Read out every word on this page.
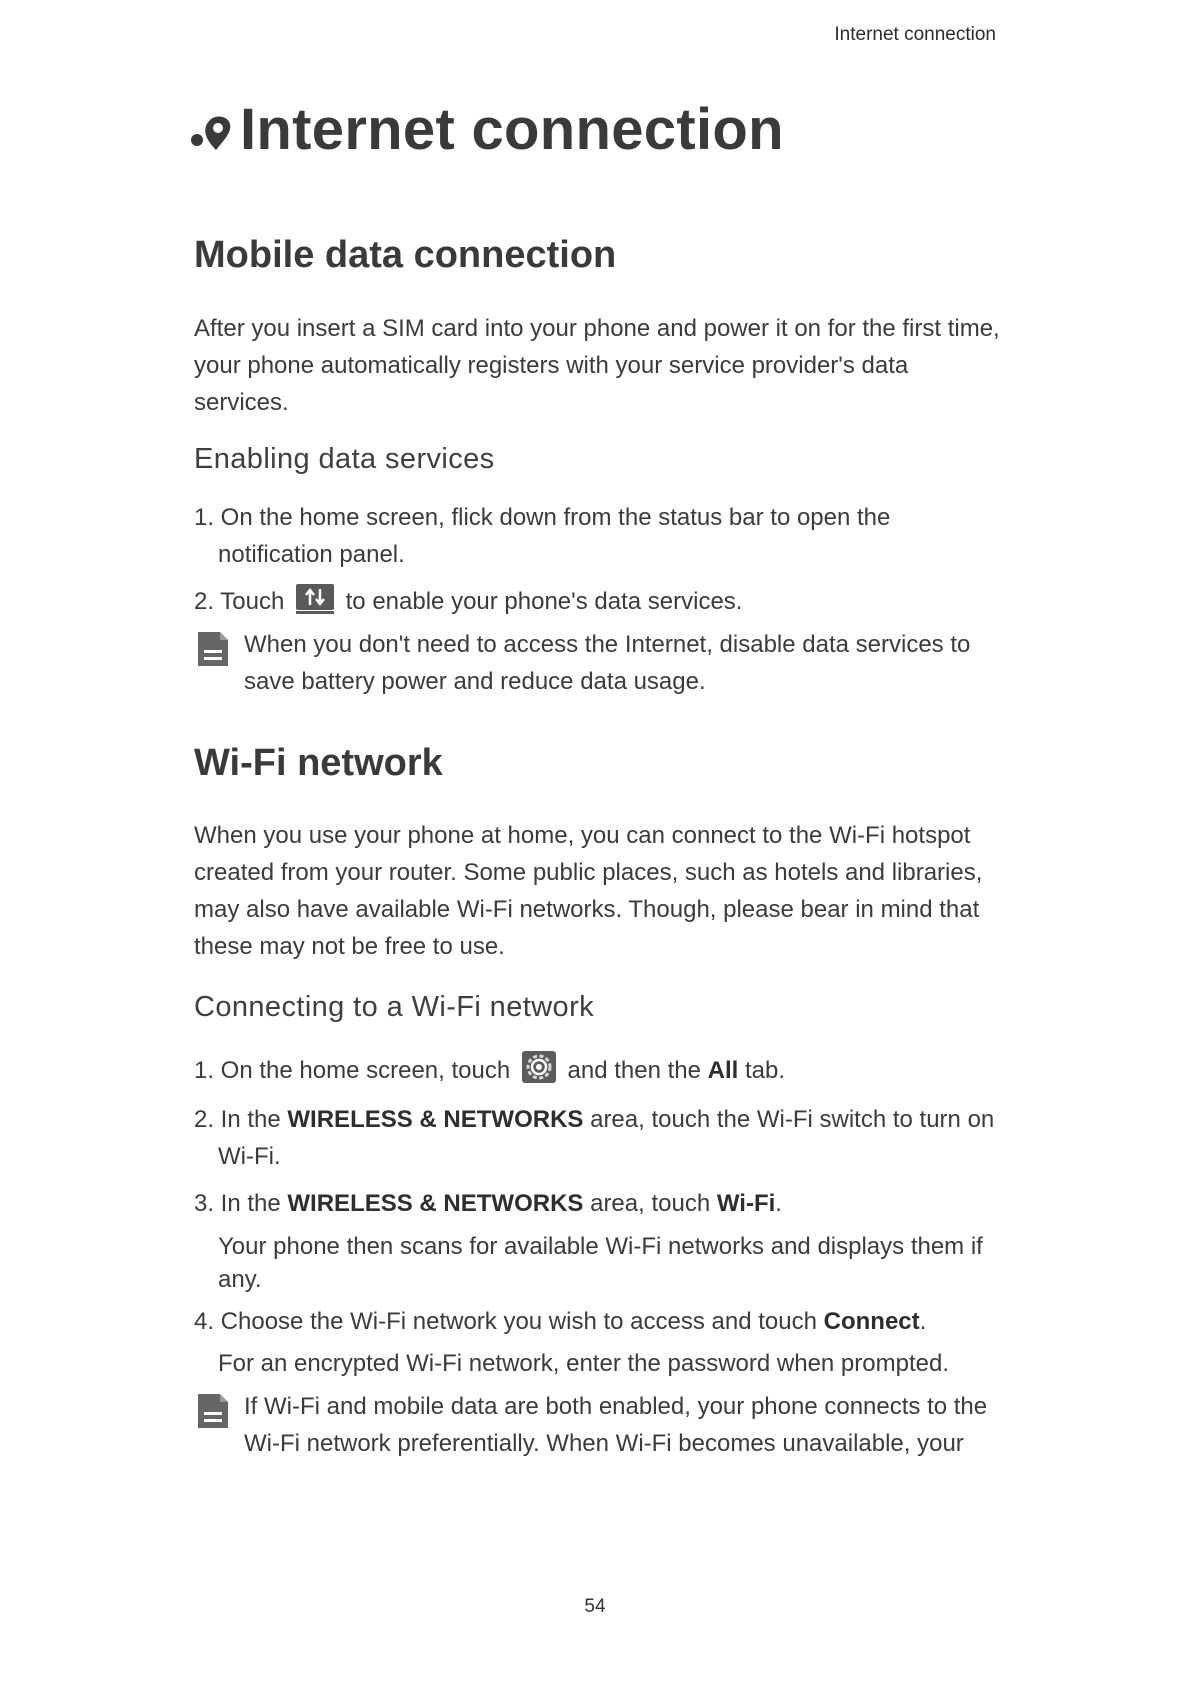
Internet connection
Internet connection
Mobile data connection

After you insert a SIM card into your phone and power it on for the first time, your phone automatically registers with your service provider's data services.

Enabling data services

1. On the home screen, flick down from the status bar to open the notification panel.

2. Touch	to enable your phone's data services.

When you don't need to access the Internet, disable data services to save battery power and reduce data usage.

Wi-Fi network

When you use your phone at home, you can connect to the Wi-Fi hotspot created from your router. Some public places, such as hotels and libraries, may also have available Wi-Fi networks. Though, please bear in mind that these may not be free to use.

Connecting to a Wi-Fi network

1. On the home screen, touch and then the All tab.

2. In the WIRELESS & NETWORKS area, touch the Wi-Fi switch to turn on Wi-Fi.

3. In the WIRELESS & NETWORKS area, touch Wi-Fi.

Your phone then scans for available Wi-Fi networks and displays them if any.

4. Choose the Wi-Fi network you wish to access and touch Connect.

For an encrypted Wi-Fi network, enter the password when prompted.

If Wi-Fi and mobile data are both enabled, your phone connects to the Wi-Fi network preferentially. When Wi-Fi becomes unavailable, your

54
